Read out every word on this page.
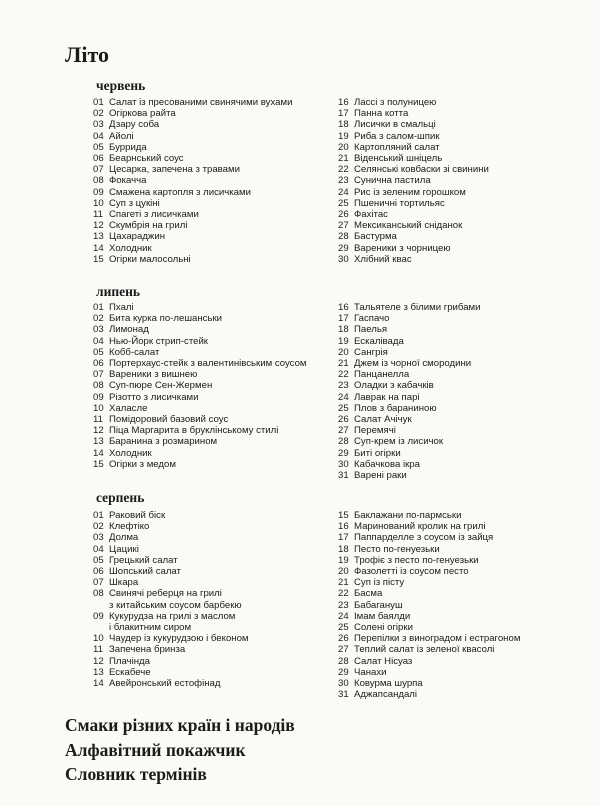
Літо
червень
01 Салат із пресованими свинячими вухами
02 Огіркова райта
03 Дзару соба
04 Айолі
05 Буррида
06 Беарнський соус
07 Цесарка, запечена з травами
08 Фокачча
09 Смажена картопля з лисичками
10 Суп з цукіні
11 Спагеті з лисичками
12 Скумбрія на грилі
13 Цахараджин
14 Холодник
15 Огірки малосольні
16 Лассі з полуницею
17 Панна котта
18 Лисички в смальці
19 Риба з салом-шпик
20 Картопляний салат
21 Віденський шніцель
22 Селянські ковбаски зі свинини
23 Сунична пастила
24 Рис із зеленим горошком
25 Пшеничні тортильяс
26 Фахітас
27 Мексиканський сніданок
28 Бастурма
29 Вареники з чорницею
30 Хлібний квас
липень
01 Пхалі
02 Бита курка по-лешанськи
03 Лимонад
04 Нью-Йорк стрип-стейк
05 Кобб-салат
06 Портерхаус-стейк з валентинівським соусом
07 Вареники з вишнею
08 Суп-пюре Сен-Жермен
09 Різотто з лисичками
10 Халасле
11 Помідоровий базовий соус
12 Піца Маргарита в бруклінському стилі
13 Баранина з розмарином
14 Холодник
15 Огірки з медом
16 Тальятеле з білими грибами
17 Гаспачо
18 Паелья
19 Ескалівада
20 Сангрія
21 Джем із чорної смородини
22 Панцанелла
23 Оладки з кабачків
24 Лаврак на парі
25 Плов з бараниною
26 Салат Ачічук
27 Перемячі
28 Суп-крем із лисичок
29 Биті огірки
30 Кабачкова ікра
31 Варені раки
серпень
01 Раковий біск
02 Клефтіко
03 Долма
04 Цацикі
05 Грецький салат
06 Шопський салат
07 Шкара
08 Свинячі реберця на грилі
з китайським соусом барбекю
09 Кукурудза на грилі з маслом
і блакитним сиром
10 Чаудер із кукурудзою і беконом
11 Запечена бринза
12 Плачінда
13 Ескабече
14 Авейронський естофінад
15 Баклажани по-пармськи
16 Маринований кролик на грилі
17 Паппарделле з соусом із зайця
18 Песто по-генуезьки
19 Трофіє з песто по-генуезьки
20 Фазолетті із соусом песто
21 Суп із пісту
22 Басма
23 Бабагануш
24 Імам баялди
25 Солені огірки
26 Перепілки з виноградом і естрагоном
27 Теплий салат із зеленої квасолі
28 Салат Нісуаз
29 Чанахи
30 Ковурма шурпа
31 Аджапсандалі
Смаки різних країн і народів
Алфавітний покажчик
Словник термінів
